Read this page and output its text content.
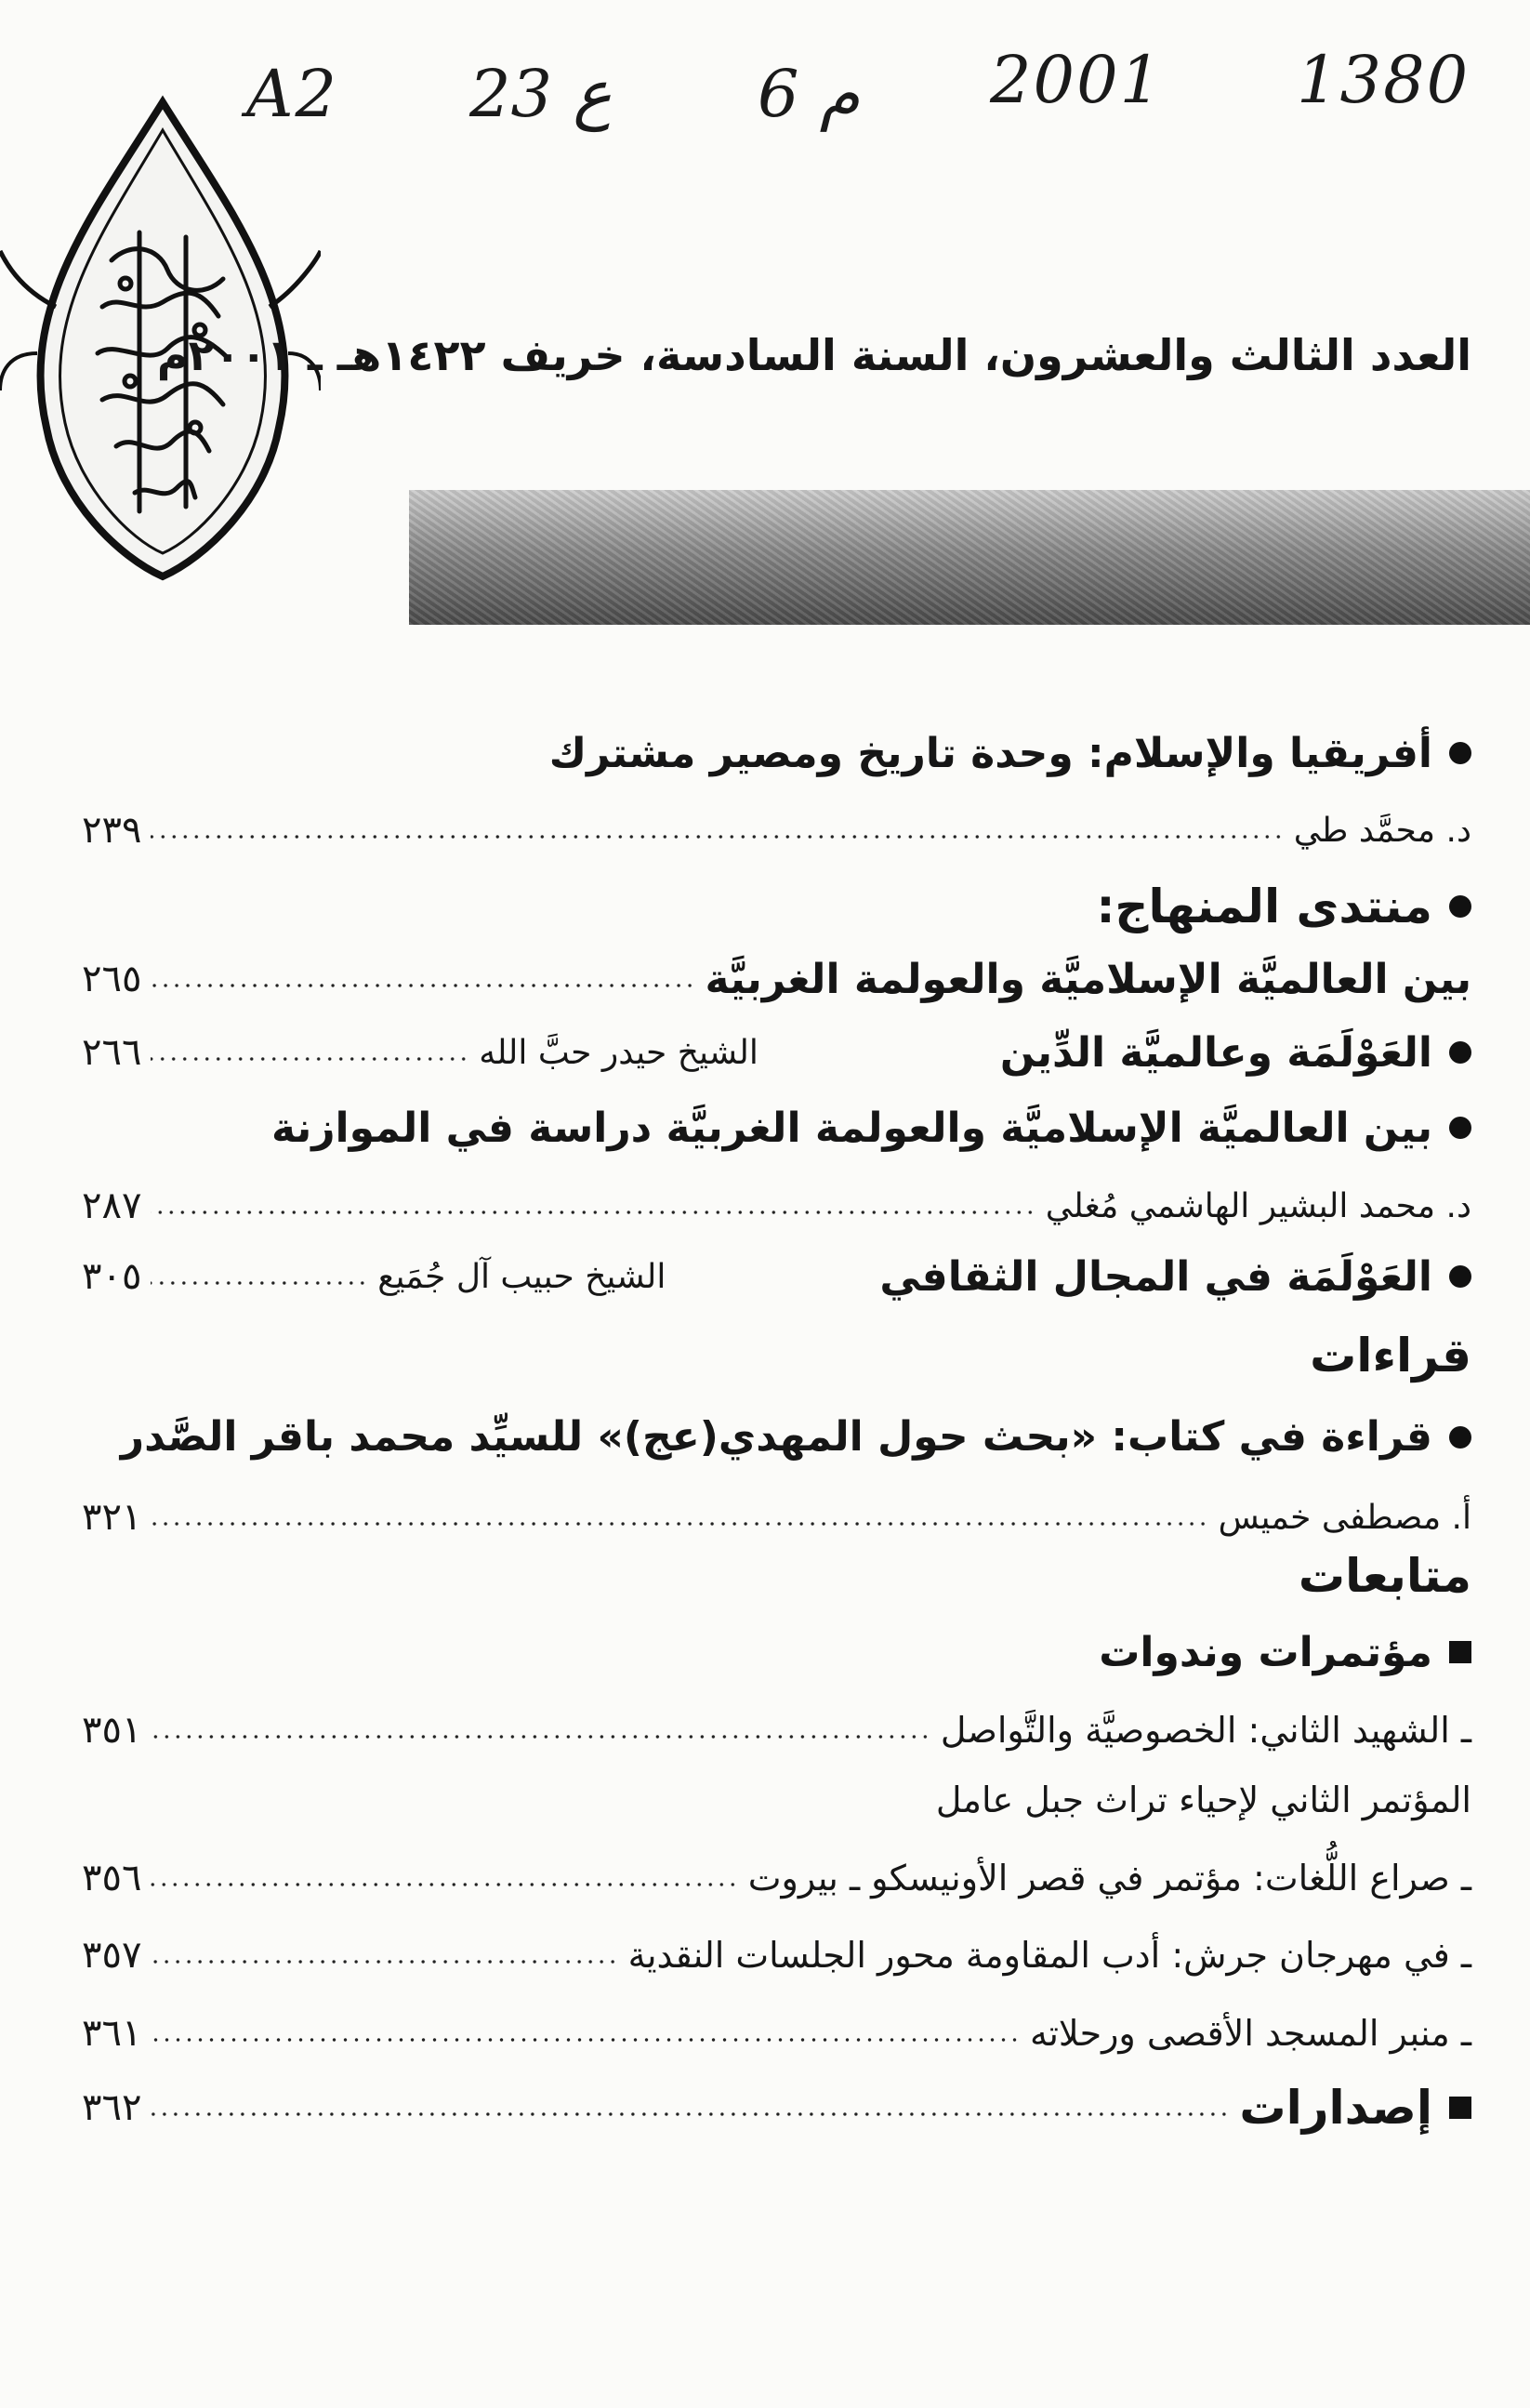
A2 23 ع 6 م 2001 1380
العدد الثالث والعشرون، السنة السادسة، خريف ١٤٢٢هـ ـ ٢٠٠١م
أفريقيا والإسلام: وحدة تاريخ ومصير مشترك
د. محمَّد طي
٢٣٩
منتدى المنهاج:
بين العالميَّة الإسلاميَّة والعولمة الغربيَّة
٢٦٥
العَوْلَمَة وعالميَّة الدِّين
الشيخ حيدر حبَّ الله
٢٦٦
بين العالميَّة الإسلاميَّة والعولمة الغربيَّة دراسة في الموازنة
د. محمد البشير الهاشمي مُغلي
٢٨٧
العَوْلَمَة في المجال الثقافي
الشيخ حبيب آل جُمَيع
٣٠٥
قراءات
قراءة في كتاب: «بحث حول المهدي(عج)» للسيِّد محمد باقر الصَّدر
أ. مصطفى خميس
٣٢١
متابعات
مؤتمرات وندوات
ـ الشهيد الثاني: الخصوصيَّة والتَّواصل
٣٥١
المؤتمر الثاني لإحياء تراث جبل عامل
ـ صراع اللُّغات: مؤتمر في قصر الأونيسكو ـ بيروت
٣٥٦
ـ في مهرجان جرش: أدب المقاومة محور الجلسات النقدية
٣٥٧
ـ منبر المسجد الأقصى ورحلاته
٣٦١
إصدارات
٣٦٢
